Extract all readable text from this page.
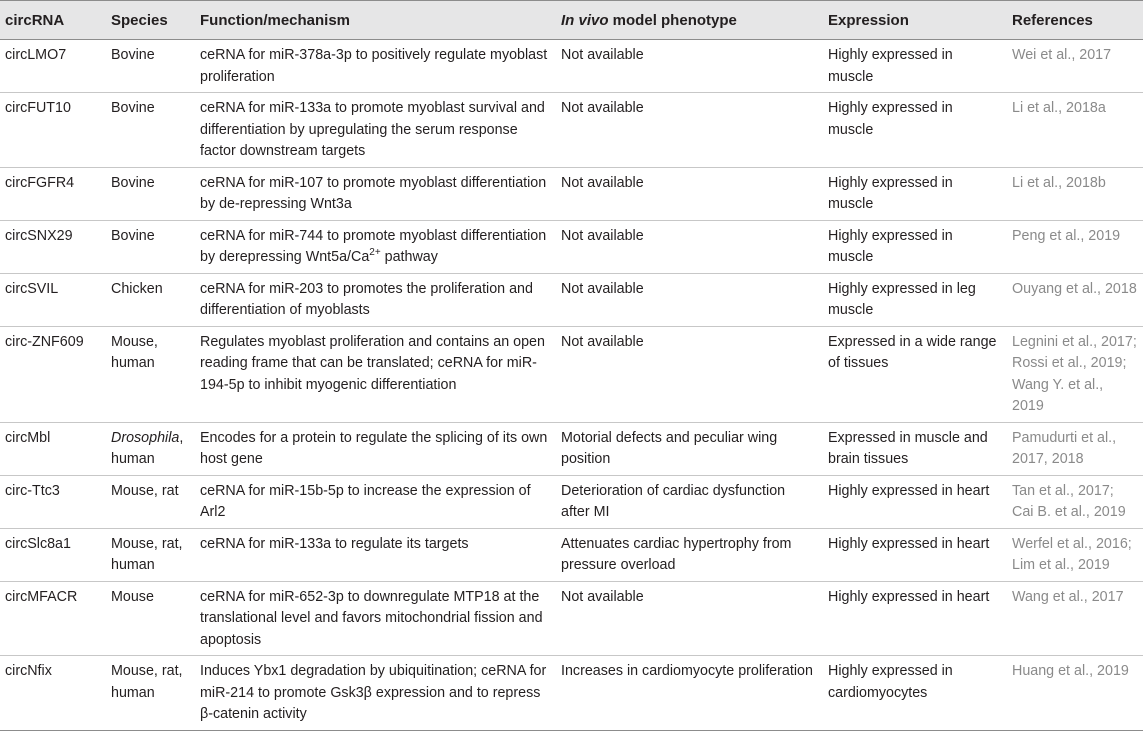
circRNA	Species	Function/mechanism	In vivo model phenotype	Expression	References
circLMO7	Bovine	ceRNA for miR-378a-3p to positively regulate myoblast proliferation	Not available	Highly expressed in muscle	Wei et al., 2017
circFUT10	Bovine	ceRNA for miR-133a to promote myoblast survival and differentiation by upregulating the serum response factor downstream targets	Not available	Highly expressed in muscle	Li et al., 2018a
circFGFR4	Bovine	ceRNA for miR-107 to promote myoblast differentiation by de-repressing Wnt3a	Not available	Highly expressed in muscle	Li et al., 2018b
circSNX29	Bovine	ceRNA for miR-744 to promote myoblast differentiation by derepressing $Wnt5a/Ca^{2+}$ pathway	Not available	Highly expressed in muscle	Peng et al., 2019
circSVIL	Chicken	ceRNA for miR-203 to promotes the proliferation and differentiation of myoblasts	Not available	Highly expressed in leg muscle	Ouyang et al., 2018
circ-ZNF609	Mouse, human	Regulates myoblast proliferation and contains an open reading frame that can be translated; ceRNA for miR-194-5p to inhibit myogenic differentiation	Not available	Expressed in a wide range of tissues	Legnini et al., 2017; Rossi et al., 2019; Wang Y. et al., 2019
circMbl	Drosophila, human	Encodes for a protein to regulate the splicing of its own host gene	Motorial defects and peculiar wing position	Expressed in muscle and brain tissues	Pamudurti et al., 2017, 2018
circ-Ttc3	Mouse, rat	ceRNA for miR-15b-5p to increase the expression of Arl2	Deterioration of cardiac dysfunction after MI	Highly expressed in heart	Tan et al., 2017; Cai B. et al., 2019
circSlc8a1	Mouse, rat, human	ceRNA for miR-133a to regulate its targets	Attenuates cardiac hypertrophy from pressure overload	Highly expressed in heart	Werfel et al., 2016; Lim et al., 2019
circMFACR	Mouse	ceRNA for miR-652-3p to downregulate MTP18 at the translational level and favors mitochondrial fission and apoptosis	Not available	Highly expressed in heart	Wang et al., 2017
circNfix	Mouse, rat, human	Induces Ybx1 degradation by ubiquitination; ceRNA for miR-214 to promote Gsk3β expression and to repress β-catenin activity	Increases in cardiomyocyte proliferation	Highly expressed in cardiomyocytes	Huang et al., 2019
